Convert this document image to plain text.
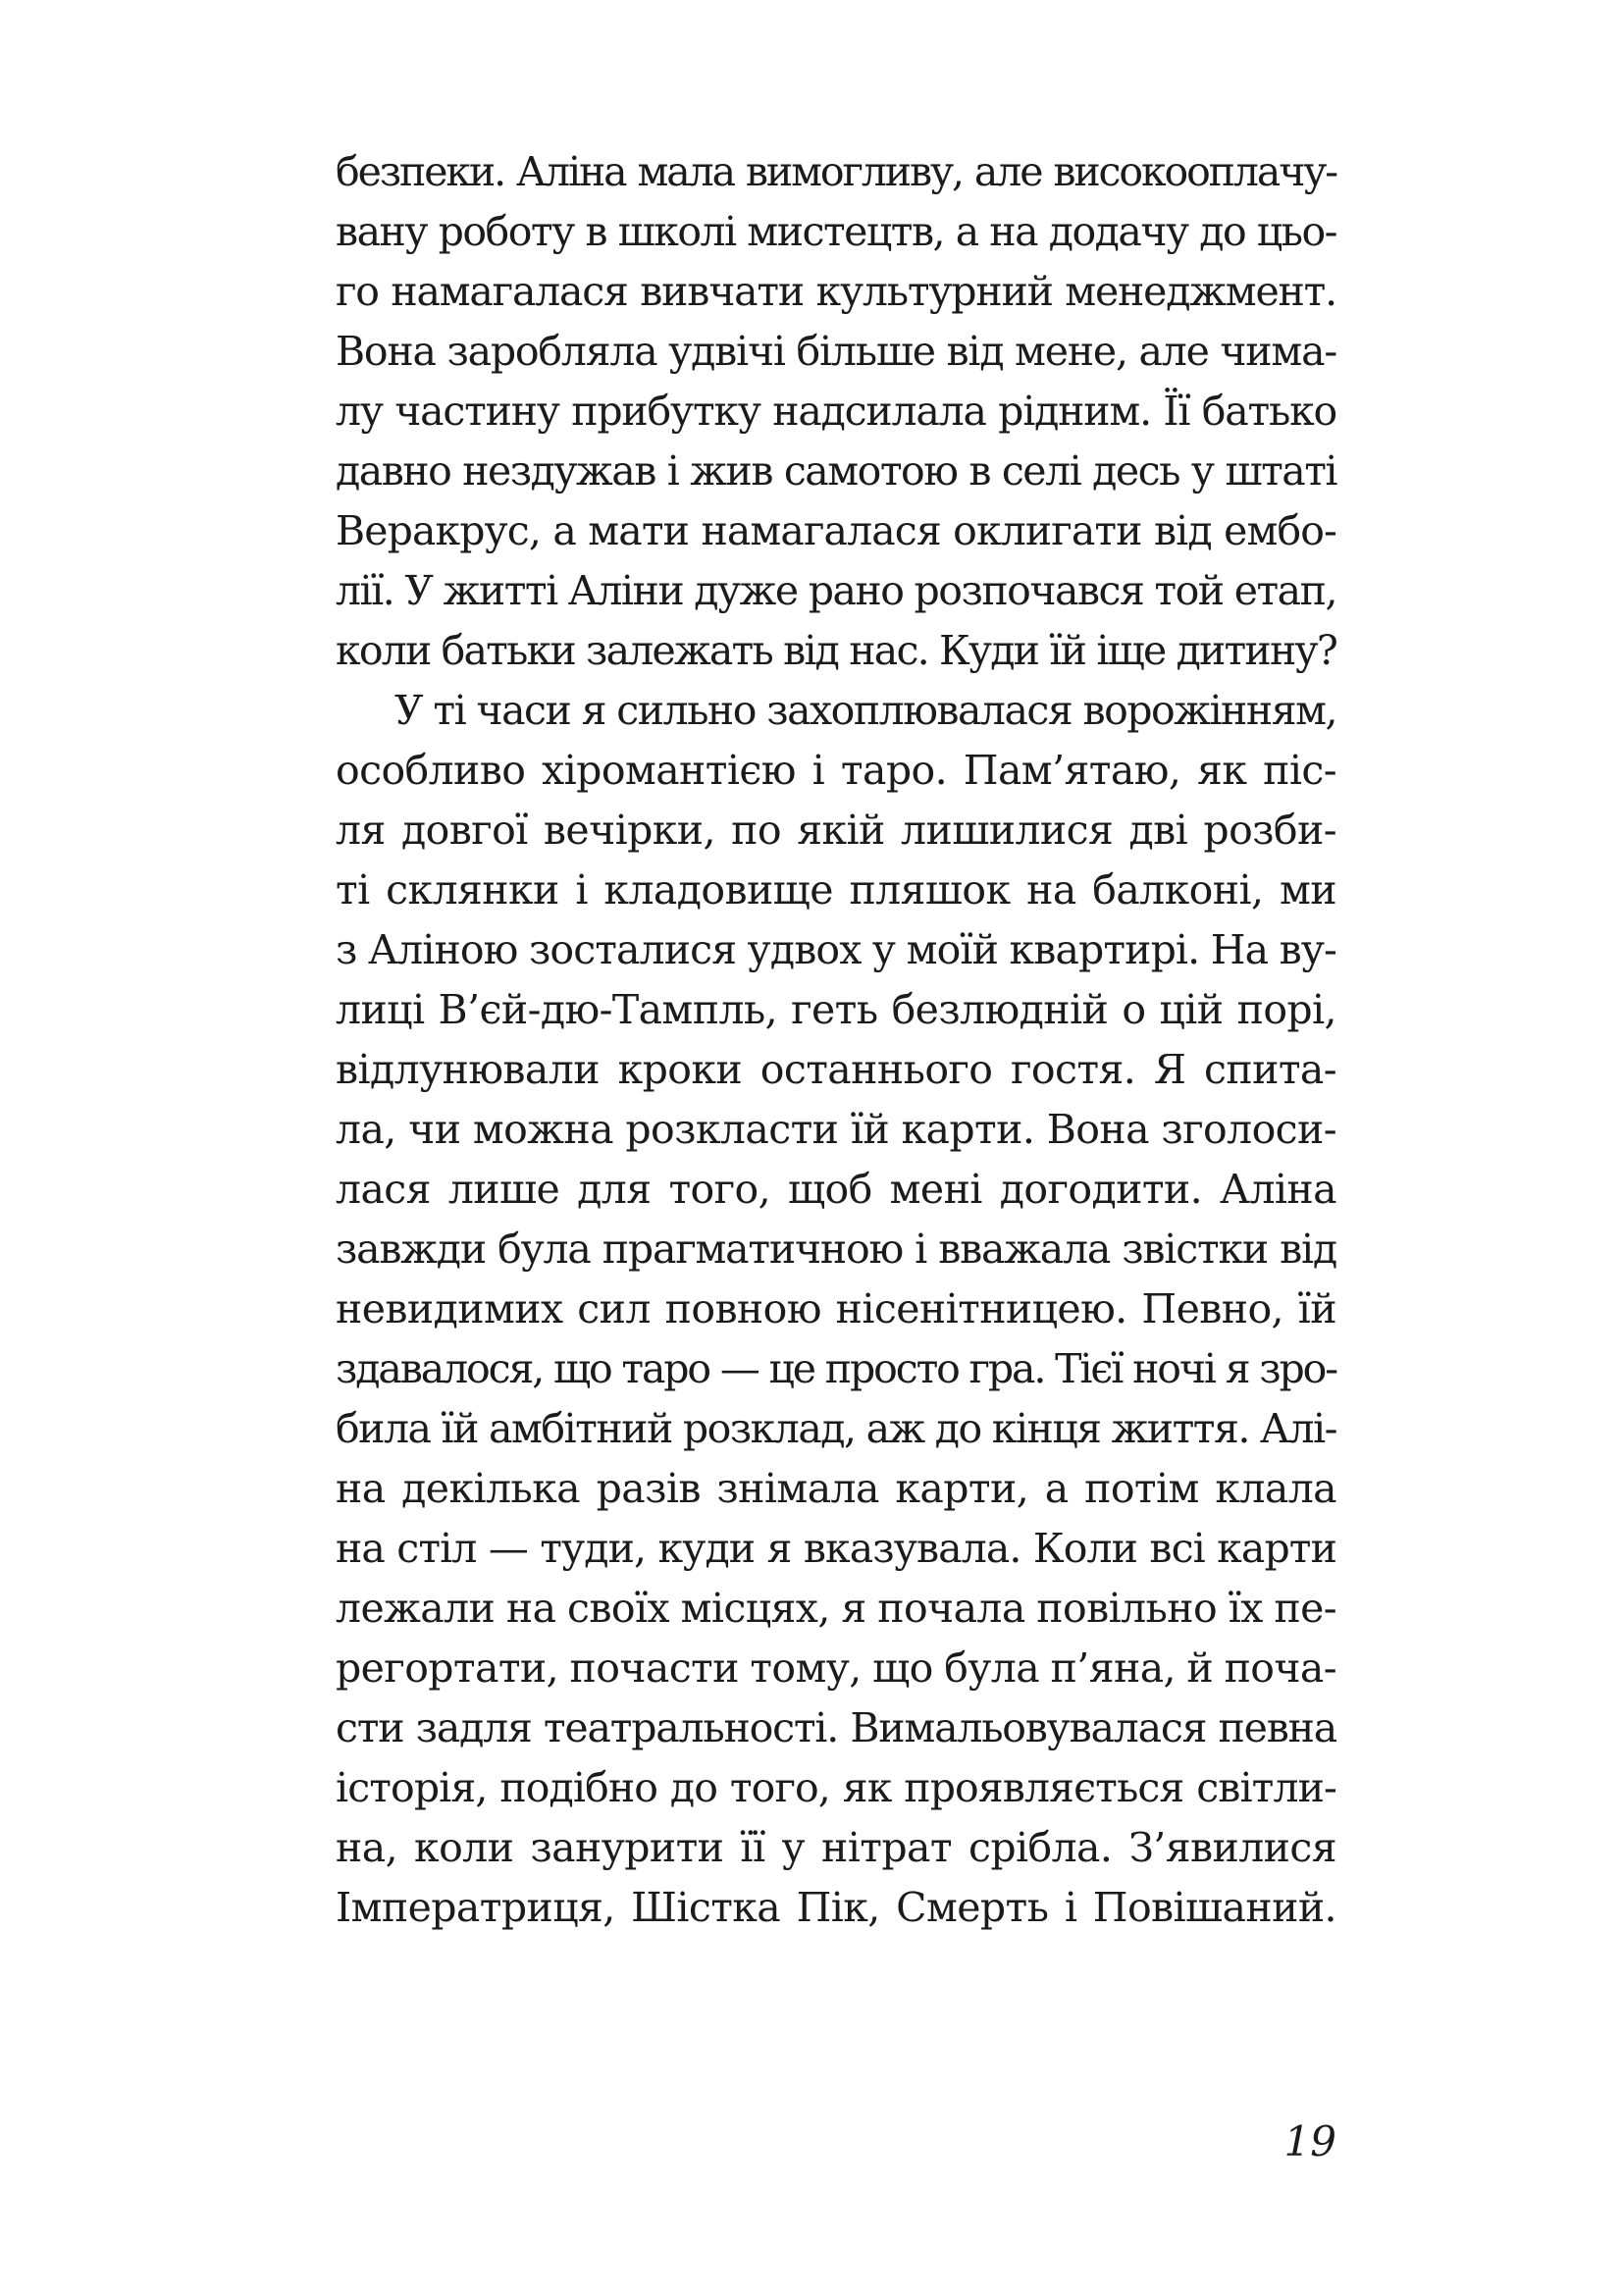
безпеки. Аліна мала вимогливу, але високооплачу-
вану роботу в школі мистецтв, а на додачу до цьо-
го намагалася вивчати культурний менеджмент.
Вона заробляла удвічі більше від мене, але чима-
лу частину прибутку надсилала рідним. Її батько
давно нездужав і жив самотою в селі десь у штаті
Веракрус, а мати намагалася оклигати від ембо-
лії. У житті Аліни дуже рано розпочався той етап,
коли батьки залежать від нас. Куди їй іще дитину?
У ті часи я сильно захоплювалася ворожінням,
особливо хіромантією і таро. Пам’ятаю, як піс-
ля довгої вечірки, по якій лишилися дві розби-
ті склянки і кладовище пляшок на балконі, ми
з Аліною зосталися удвох у моїй квартирі. На ву-
лиці В’єй-дю-Тампль, геть безлюдній о цій порі,
відлунювали кроки останнього гостя. Я спита-
ла, чи можна розкласти їй карти. Вона зголоси-
лася лише для того, щоб мені догодити. Аліна
завжди була прагматичною і вважала звістки від
невидимих сил повною нісенітницею. Певно, їй
здавалося, що таро — це просто гра. Тієї ночі я зро-
била їй амбітний розклад, аж до кінця життя. Алі-
на декілька разів знімала карти, а потім клала
на стіл — туди, куди я вказувала. Коли всі карти
лежали на своїх місцях, я почала повільно їх пе-
регортати, почасти тому, що була п’яна, й поча-
сти задля театральності. Вимальовувалася певна
історія, подібно до того, як проявляється світли-
на, коли занурити її у нітрат срібла. З’явилися
Імператриця, Шістка Пік, Смерть і Повішаний.
19
